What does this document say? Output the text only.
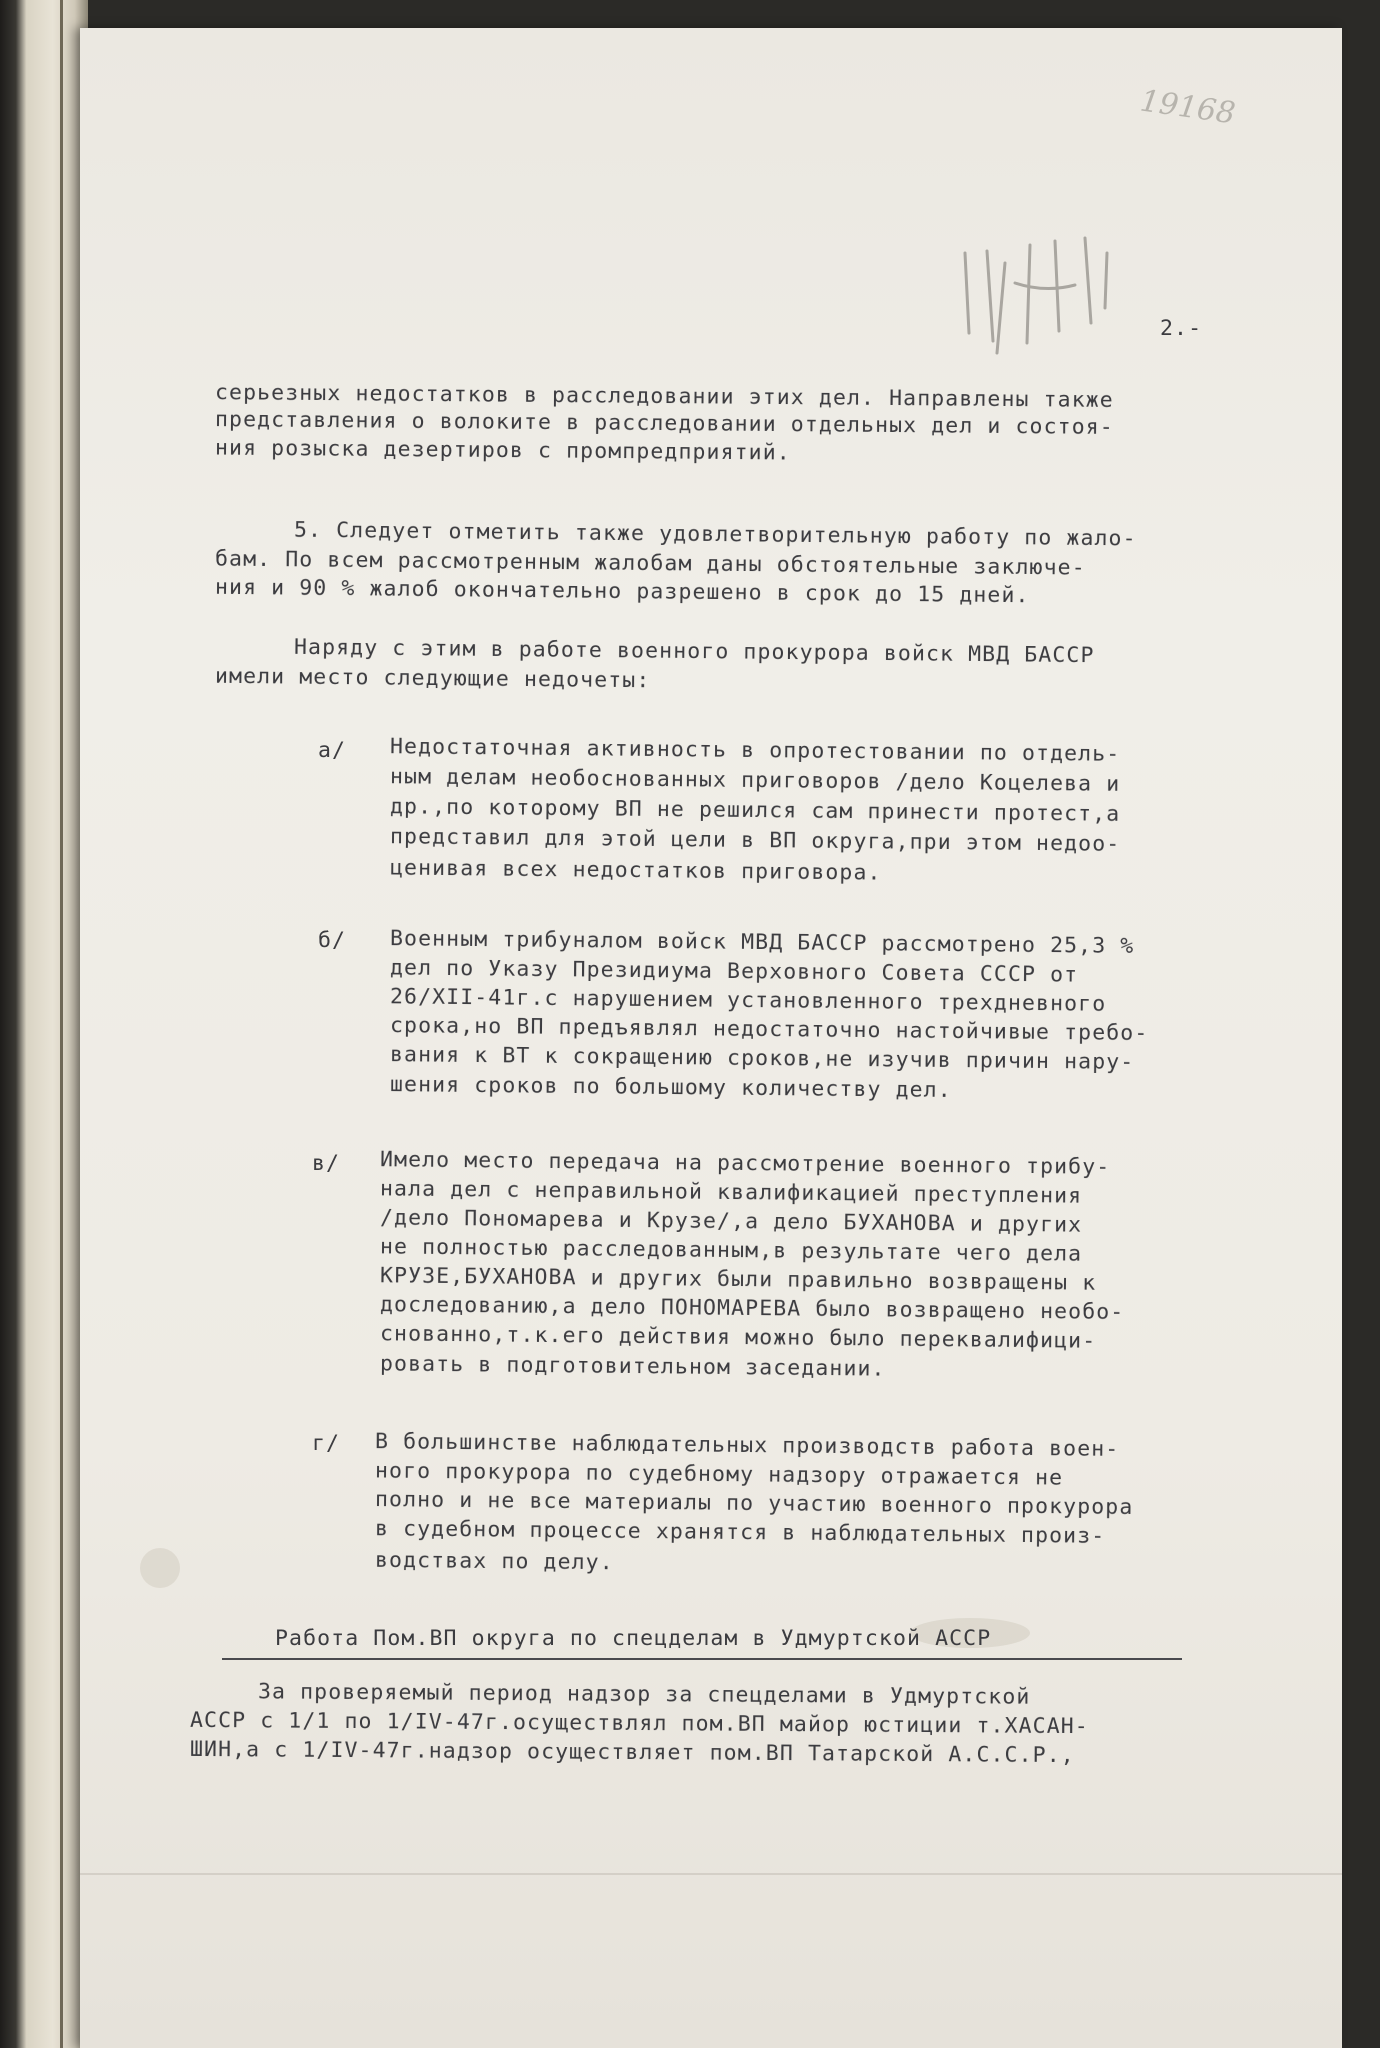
19168
2.-
серьезных недостатков в расследовании этих дел. Направлены также
представления о волоките в расследовании отдельных дел и состоя-
ния розыска дезертиров с промпредприятий.
5. Следует отметить также удовлетворительную работу по жало-
бам. По всем рассмотренным жалобам даны обстоятельные заключе-
ния и 90 % жалоб окончательно разрешено в срок до 15 дней.
Наряду с этим в работе военного прокурора войск МВД БАССР
имели место следующие недочеты:
а/ Недостаточная активность в опротестовании по отдель-
ным делам необоснованных приговоров /дело Коцелева и
др.,по которому ВП не решился сам принести протест,а
представил для этой цели в ВП округа,при этом недоо-
ценивая всех недостатков приговора.
б/ Военным трибуналом войск МВД БАССР рассмотрено 25,3 %
дел по Указу Президиума Верховного Совета СССР от
26/XII-41г.с нарушением установленного трехдневного
срока,но ВП предъявлял недостаточно настойчивые требо-
вания к ВТ к сокращению сроков,не изучив причин нару-
шения сроков по большому количеству дел.
в/ Имело место передача на рассмотрение военного трибу-
нала дел с неправильной квалификацией преступления
/дело Пономарева и Крузе/,а дело БУХАНОВА и других
не полностью расследованным,в результате чего дела
КРУЗЕ,БУХАНОВА и других были правильно возвращены к
доследованию,а дело ПОНОМАРЕВА было возвращено необо-
снованно,т.к.его действия можно было переквалифици-
ровать в подготовительном заседании.
г/ В большинстве наблюдательных производств работа воен-
ного прокурора по судебному надзору отражается не
полно и не все материалы по участию военного прокурора
в судебном процессе хранятся в наблюдательных произ-
водствах по делу.
Работа Пом.ВП округа по спецделам в Удмуртской АССР
За проверяемый период надзор за спецделами в Удмуртской
АССР с 1/1 по 1/IV-47г.осуществлял пом.ВП майор юстиции т.ХАСАН-
ШИН,а с 1/IV-47г.надзор осуществляет пом.ВП Татарской А.С.С.Р.,
